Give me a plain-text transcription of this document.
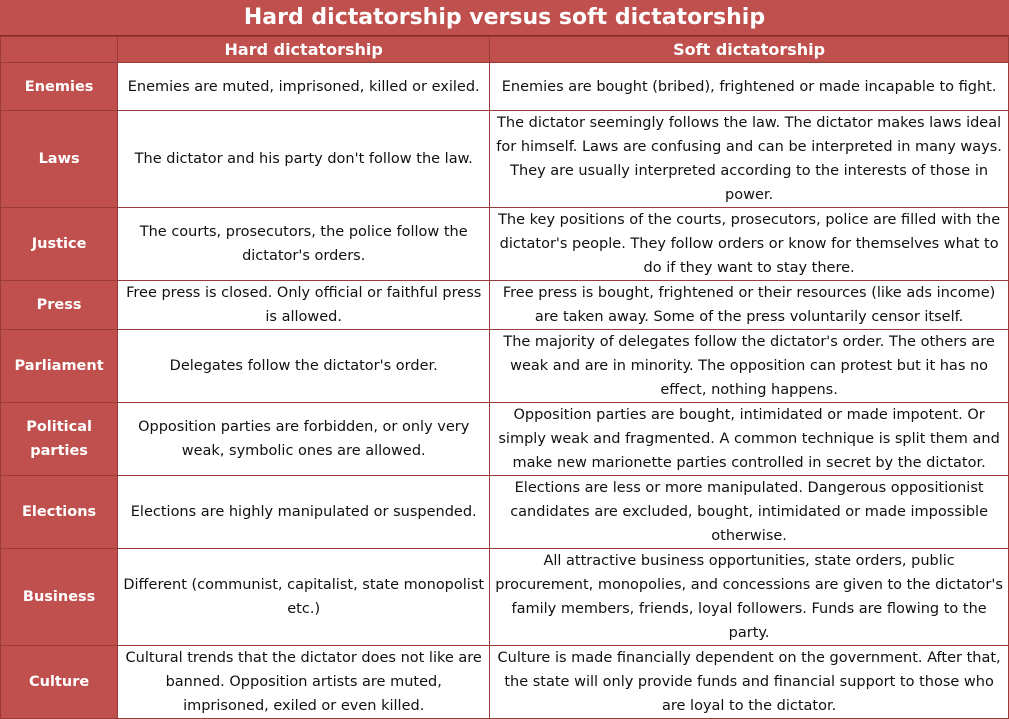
Hard dictatorship versus soft dictatorship
	Hard dictatorship	Soft dictatorship
Enemies	Enemies are muted, imprisoned, killed or exiled.	Enemies are bought (bribed), frightened or made incapable to fight.
Laws	The dictator and his party don't follow the law.	The dictator seemingly follows the law. The dictator makes laws ideal for himself. Laws are confusing and can be interpreted in many ways. They are usually interpreted according to the interests of those in power.
Justice	The courts, prosecutors, the police follow the dictator's orders.	The key positions of the courts, prosecutors, police are filled with the dictator's people. They follow orders or know for themselves what to do if they want to stay there.
Press	Free press is closed. Only official or faithful press is allowed.	Free press is bought, frightened or their resources (like ads income) are taken away. Some of the press voluntarily censor itself.
Parliament	Delegates follow the dictator's order.	The majority of delegates follow the dictator's order. The others are weak and are in minority. The opposition can protest but it has no effect, nothing happens.
Political parties	Opposition parties are forbidden, or only very weak, symbolic ones are allowed.	Opposition parties are bought, intimidated or made impotent. Or simply weak and fragmented. A common technique is split them and make new marionette parties controlled in secret by the dictator.
Elections	Elections are highly manipulated or suspended.	Elections are less or more manipulated. Dangerous oppositionist candidates are excluded, bought, intimidated or made impossible otherwise.
Business	Different (communist, capitalist, state monopolist etc.)	All attractive business opportunities, state orders, public procurement, monopolies, and concessions are given to the dictator's family members, friends, loyal followers. Funds are flowing to the party.
Culture	Cultural trends that the dictator does not like are banned. Opposition artists are muted, imprisoned, exiled or even killed.	Culture is made financially dependent on the government. After that, the state will only provide funds and financial support to those who are loyal to the dictator.
